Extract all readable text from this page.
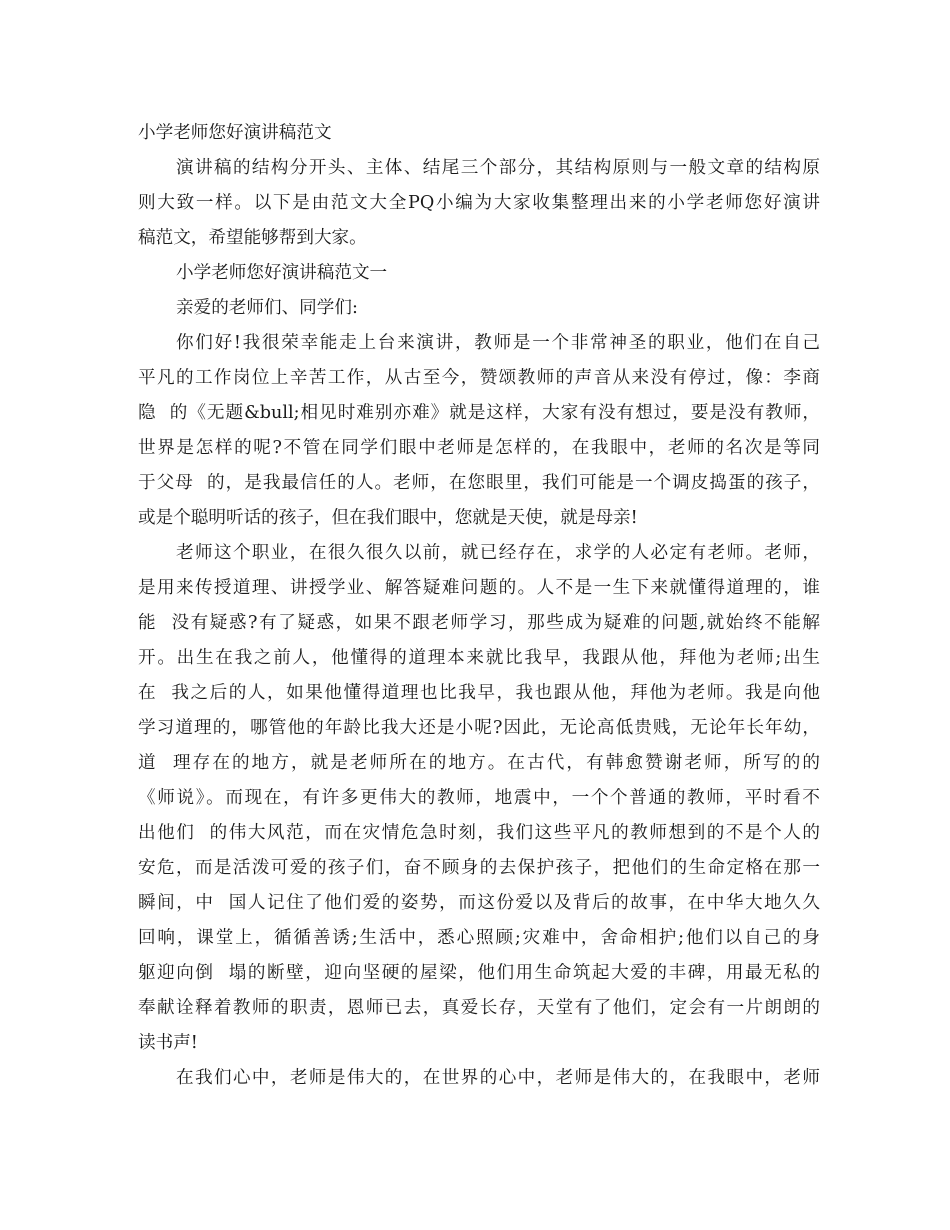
小学老师您好演讲稿范文
演讲稿的结构分开头、主体、结尾三个部分，其结构原则与一般文章的结构原
则大致一样。以下是由范文大全PQ小编为大家收集整理出来的小学老师您好演讲
稿范文，希望能够帮到大家。
小学老师您好演讲稿范文一
亲爱的老师们、同学们:
你们好!我很荣幸能走上台来演讲，教师是一个非常神圣的职业，他们在自己
平凡的工作岗位上辛苦工作，从古至今，赞颂教师的声音从来没有停过，像：李商
隐  的《无题&bull;相见时难别亦难》就是这样，大家有没有想过，要是没有教师，
世界是怎样的呢?不管在同学们眼中老师是怎样的，在我眼中，老师的名次是等同
于父母  的，是我最信任的人。老师，在您眼里，我们可能是一个调皮捣蛋的孩子，
或是个聪明听话的孩子，但在我们眼中，您就是天使，就是母亲!
老师这个职业，在很久很久以前，就已经存在，求学的人必定有老师。老师，
是用来传授道理、讲授学业、解答疑难问题的。人不是一生下来就懂得道理的，谁
能  没有疑惑?有了疑惑，如果不跟老师学习，那些成为疑难的问题,就始终不能解
开。出生在我之前人，他懂得的道理本来就比我早，我跟从他，拜他为老师;出生
在  我之后的人，如果他懂得道理也比我早，我也跟从他，拜他为老师。我是向他
学习道理的，哪管他的年龄比我大还是小呢?因此，无论高低贵贱，无论年长年幼，
道  理存在的地方，就是老师所在的地方。在古代，有韩愈赞谢老师，所写的的
《师说》。而现在，有许多更伟大的教师，地震中，一个个普通的教师，平时看不
出他们  的伟大风范，而在灾情危急时刻，我们这些平凡的教师想到的不是个人的
安危，而是活泼可爱的孩子们，奋不顾身的去保护孩子，把他们的生命定格在那一
瞬间，中  国人记住了他们爱的姿势，而这份爱以及背后的故事，在中华大地久久
回响，课堂上，循循善诱;生活中，悉心照顾;灾难中，舍命相护;他们以自己的身
躯迎向倒  塌的断壁，迎向坚硬的屋梁，他们用生命筑起大爱的丰碑，用最无私的
奉献诠释着教师的职责，恩师已去，真爱长存，天堂有了他们，定会有一片朗朗的
读书声!
在我们心中，老师是伟大的，在世界的心中，老师是伟大的，在我眼中，老师
